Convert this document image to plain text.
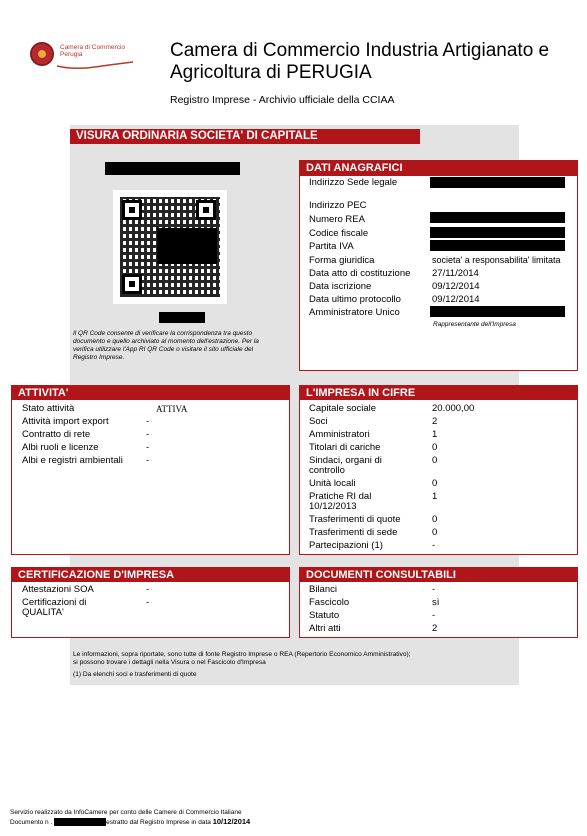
Camera di Commercio
Perugia	Camera di Commercio Industria Artigianato e
Agricoltura di PERUGIA
Registro Imprese - Archivio ufficiale della CCIAA
VISURA ORDINARIA SOCIETA' DI CAPITALE
Il QR Code consente di verificare la corrispondenza tra questo
documento e quello archiviato al momento dell'estrazione. Per la
verifica utilizzare l'App RI QR Code o visitare il sito ufficiale del
Registro Imprese.
DATI ANAGRAFICI
Indirizzo Sede legale
Indirizzo PEC
Numero REA
Codice fiscale
Partita IVA
Forma giuridica	societa' a responsabilita' limitata
Data atto di costituzione 27/11/2014
Data iscrizione	09/12/2014
Data ultimo protocollo	09/12/2014
Amministratore Unico
Rappresentante dell'Impresa
ATTIVITA'
Stato attività	ATTIVA
Attività import export	-
Contratto di rete	-
Albi ruoli e licenze	-
Albi e registri ambientali -
L'IMPRESA IN CIFRE
Capitale sociale	20.000,00
Soci	2
Amministratori	1
Titolari di cariche	0
Sindaci, organi di
controllo
0
Unità locali	0
Pratiche RI dal
10/12/2013
1
Trasferimenti di quote	0
Trasferimenti di sede	0
Partecipazioni (1)	-
CERTIFICAZIONE D'IMPRESA
Attestazioni SOA	-
Certificazioni di
QUALITA'
-
DOCUMENTI CONSULTABILI
Bilanci	-
Fascicolo	sì
Statuto	-
Altri atti	2
Le informazioni, sopra riportate, sono tutte di fonte Registro Imprese o REA (Repertorio Economico Amministrativo);
si possono trovare i dettagli nella Visura o nel Fascicolo d'Impresa
(1) Da elenchi soci e trasferimenti di quote
Servizio realizzato da InfoCamere per conto delle Camere di Commercio Italiane
Documento n .	estratto dal Registro Imprese in data 10/12/2014
